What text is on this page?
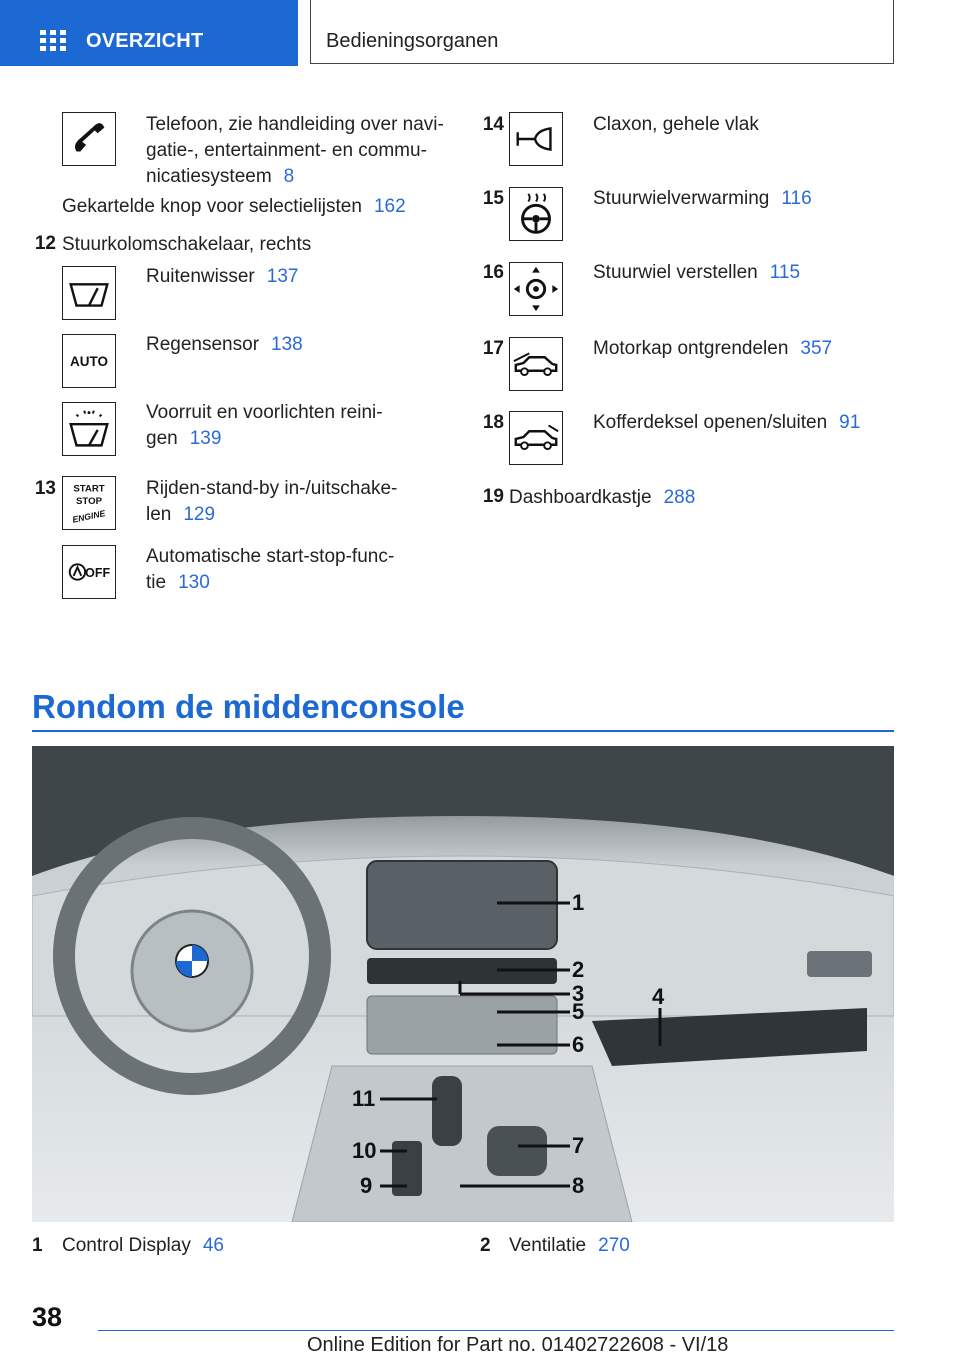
OVERZICHT	Bedieningsorganen
Telefoon, zie handleiding over navi-
gatie-, entertainment- en commu-
nicatiesysteem 8
Gekartelde knop voor selectielijsten 162
12 Stuurkolomschakelaar, rechts
Ruitenwisser 137
AUTO
Regensensor 138
Voorruit en voorlichten reini-
gen 139
13 START
STOP
ENGINE
Rijden-stand-by in-/uitschake-
len 129
OFF
Automatische start-stop-func-
tie 130
14	Claxon, gehele vlak
15	Stuurwielverwarming 116
16	Stuurwiel verstellen 115
17	Motorkap ontgrendelen 357
18	Kofferdeksel openen/sluiten 91
19 Dashboardkastje 288
Rondom de middenconsole
1
2
3	4
5
6
7
8
9
10
11
1 Control Display 46	2 Ventilatie 270
38
Online Edition for Part no. 01402722608 - VI/18
